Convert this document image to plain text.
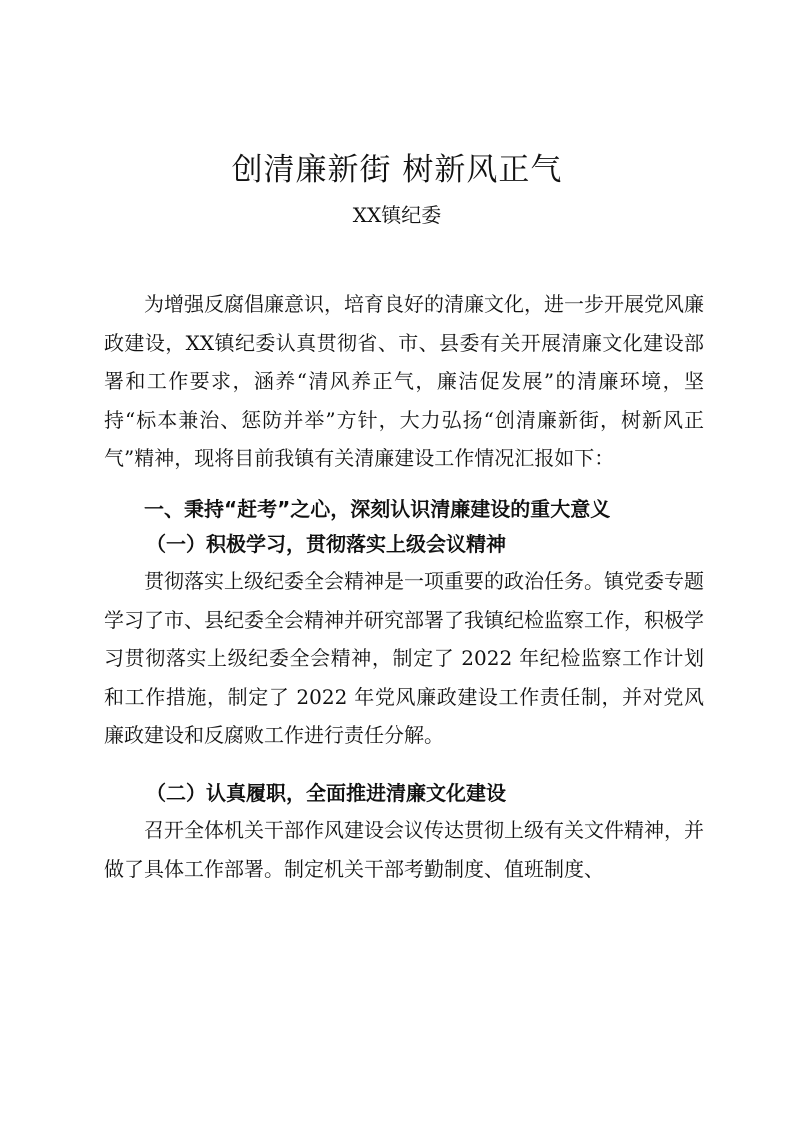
创清廉新街 树新风正气
XX镇纪委

为增强反腐倡廉意识，培育良好的清廉文化，进一步开展党风廉政建设，XX镇纪委认真贯彻省、市、县委有关开展清廉文化建设部署和工作要求，涵养“清风养正气，廉洁促发展”的清廉环境，坚持“标本兼治、惩防并举”方针，大力弘扬“创清廉新街，树新风正气”精神，现将目前我镇有关清廉建设工作情况汇报如下：

一、秉持“赶考”之心，深刻认识清廉建设的重大意义

（一）积极学习，贯彻落实上级会议精神

贯彻落实上级纪委全会精神是一项重要的政治任务。镇党委专题学习了市、县纪委全会精神并研究部署了我镇纪检监察工作，积极学习贯彻落实上级纪委全会精神，制定了 2022 年纪检监察工作计划和工作措施，制定了 2022 年党风廉政建设工作责任制，并对党风廉政建设和反腐败工作进行责任分解。

（二）认真履职，全面推进清廉文化建设

召开全体机关干部作风建设会议传达贯彻上级有关文件精神，并做了具体工作部署。制定机关干部考勤制度、值班制度、
